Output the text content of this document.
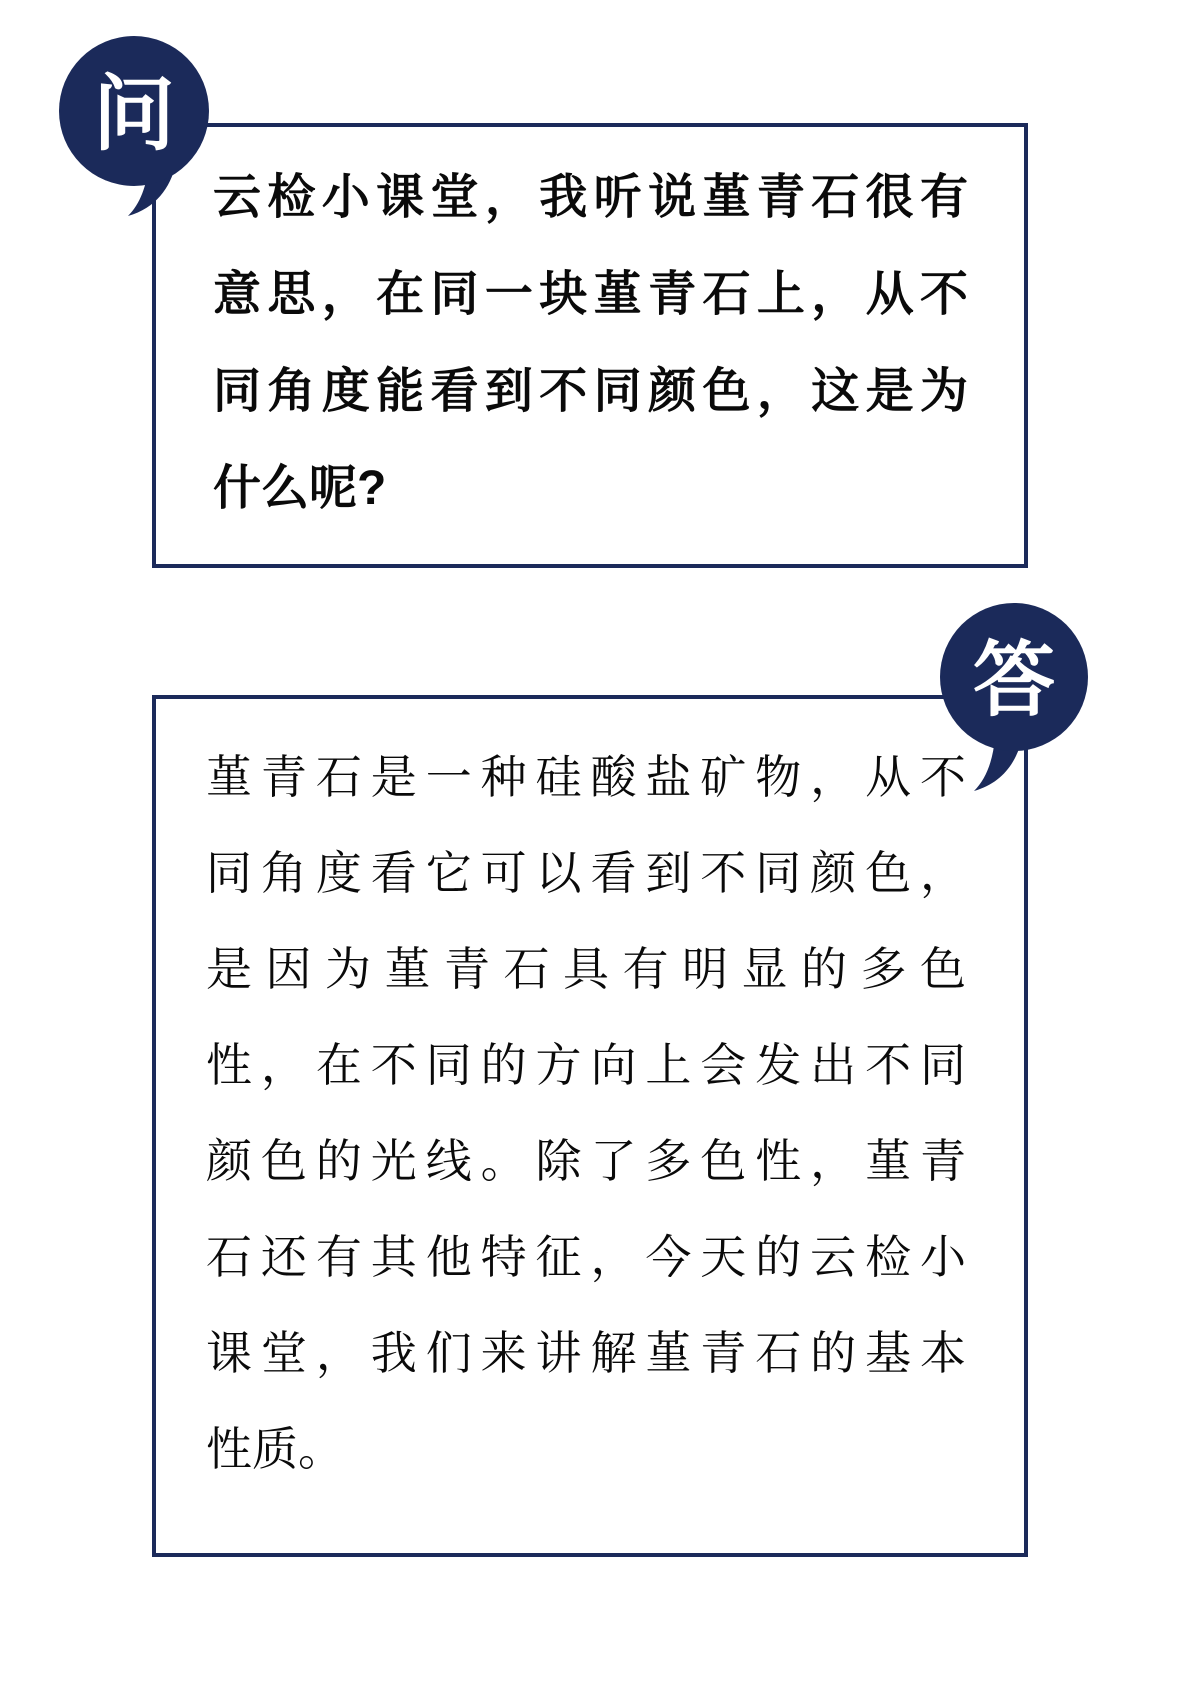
云检小课堂，我听说堇青石很有
意思，在同一块堇青石上，从不
同角度能看到不同颜色，这是为
什么呢?
堇青石是一种硅酸盐矿物，从不
同角度看它可以看到不同颜色，
是因为堇青石具有明显的多色
性，在不同的方向上会发出不同
颜色的光线。除了多色性，堇青
石还有其他特征，今天的云检小
课堂，我们来讲解堇青石的基本
性质。
问
答
